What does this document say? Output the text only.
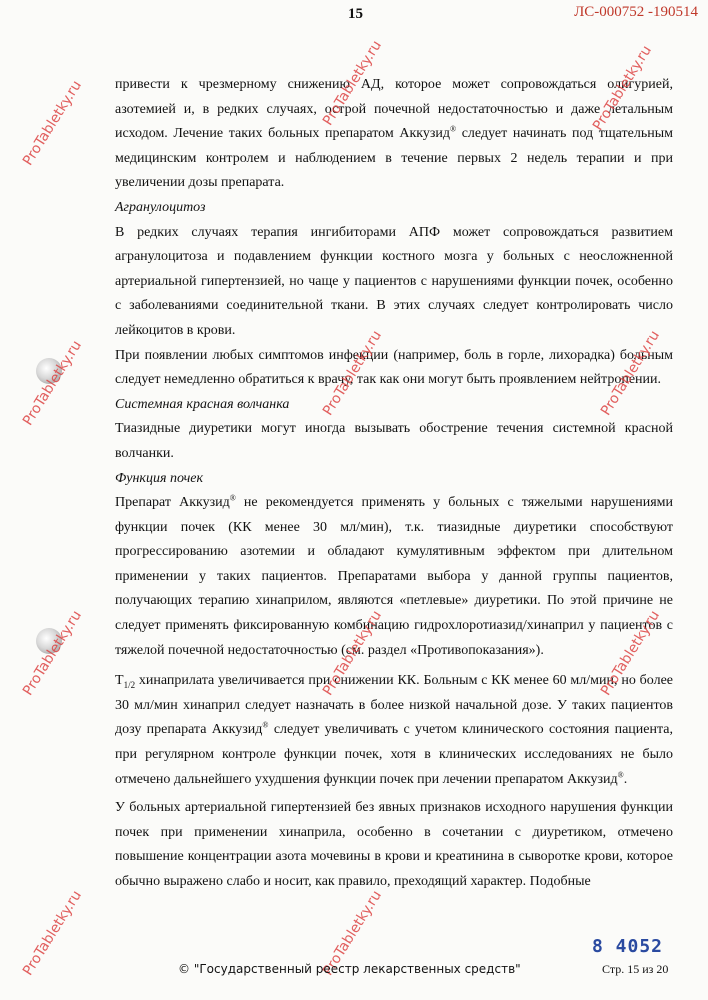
15	ЛС-000752 -190514

привести к чрезмерному снижению АД, которое может сопровождаться олигурией, азотемией и, в редких случаях, острой почечной недостаточностью и даже летальным исходом. Лечение таких больных препаратом Аккузид® следует начинать под тщательным медицинским контролем и наблюдением в течение первых 2 недель терапии и при увеличении дозы препарата.

Агранулоцитоз

В редких случаях терапия ингибиторами АПФ может сопровождаться развитием агранулоцитоза и подавлением функции костного мозга у больных с неосложненной артериальной гипертензией, но чаще у пациентов с нарушениями функции почек, особенно с заболеваниями соединительной ткани. В этих случаях следует контролировать число лейкоцитов в крови.

При появлении любых симптомов инфекции (например, боль в горле, лихорадка) больным следует немедленно обратиться к врачу, так как они могут быть проявлением нейтропении.

Системная красная волчанка

Тиазидные диуретики могут иногда вызывать обострение течения системной красной волчанки.

Функция почек

Препарат Аккузид® не рекомендуется применять у больных с тяжелыми нарушениями функции почек (КК менее 30 мл/мин), т.к. тиазидные диуретики способствуют прогрессированию азотемии и обладают кумулятивным эффектом при длительном применении у таких пациентов. Препаратами выбора у данной группы пациентов, получающих терапию хинаприлом, являются «петлевые» диуретики. По этой причине не следует применять фиксированную комбинацию гидрохлоротиазид/хинаприл у пациентов с тяжелой почечной недостаточностью (см. раздел «Противопоказания»).

$T_{1/2}$ хинаприлата увеличивается при снижении КК. Больным с КК менее 60 мл/мин, но более 30 мл/мин хинаприл следует назначать в более низкой начальной дозе. У таких пациентов дозу препарата Аккузид® следует увеличивать с учетом клинического состояния пациента, при регулярном контроле функции почек, хотя в клинических исследованиях не было отмечено дальнейшего ухудшения функции почек при лечении препаратом Аккузид®.

У больных артериальной гипертензией без явных признаков исходного нарушения функции почек при применении хинаприла, особенно в сочетании с диуретиком, отмечено повышение концентрации азота мочевины в крови и креатинина в сыворотке крови, которое обычно выражено слабо и носит, как правило, преходящий характер. Подобные

ProTabletky.ru	ProTabletky.ru	ProTabletky.ru
ProTabletky.ru	ProTabletky.ru	ProTabletky.ru
ProTabletky.ru	ProTabletky.ru	ProTabletky.ru
ProTabletky.ru	ProTabletky.ru	8 4052
© "Государственный реестр лекарственных средств"	Стр. 15 из 20
